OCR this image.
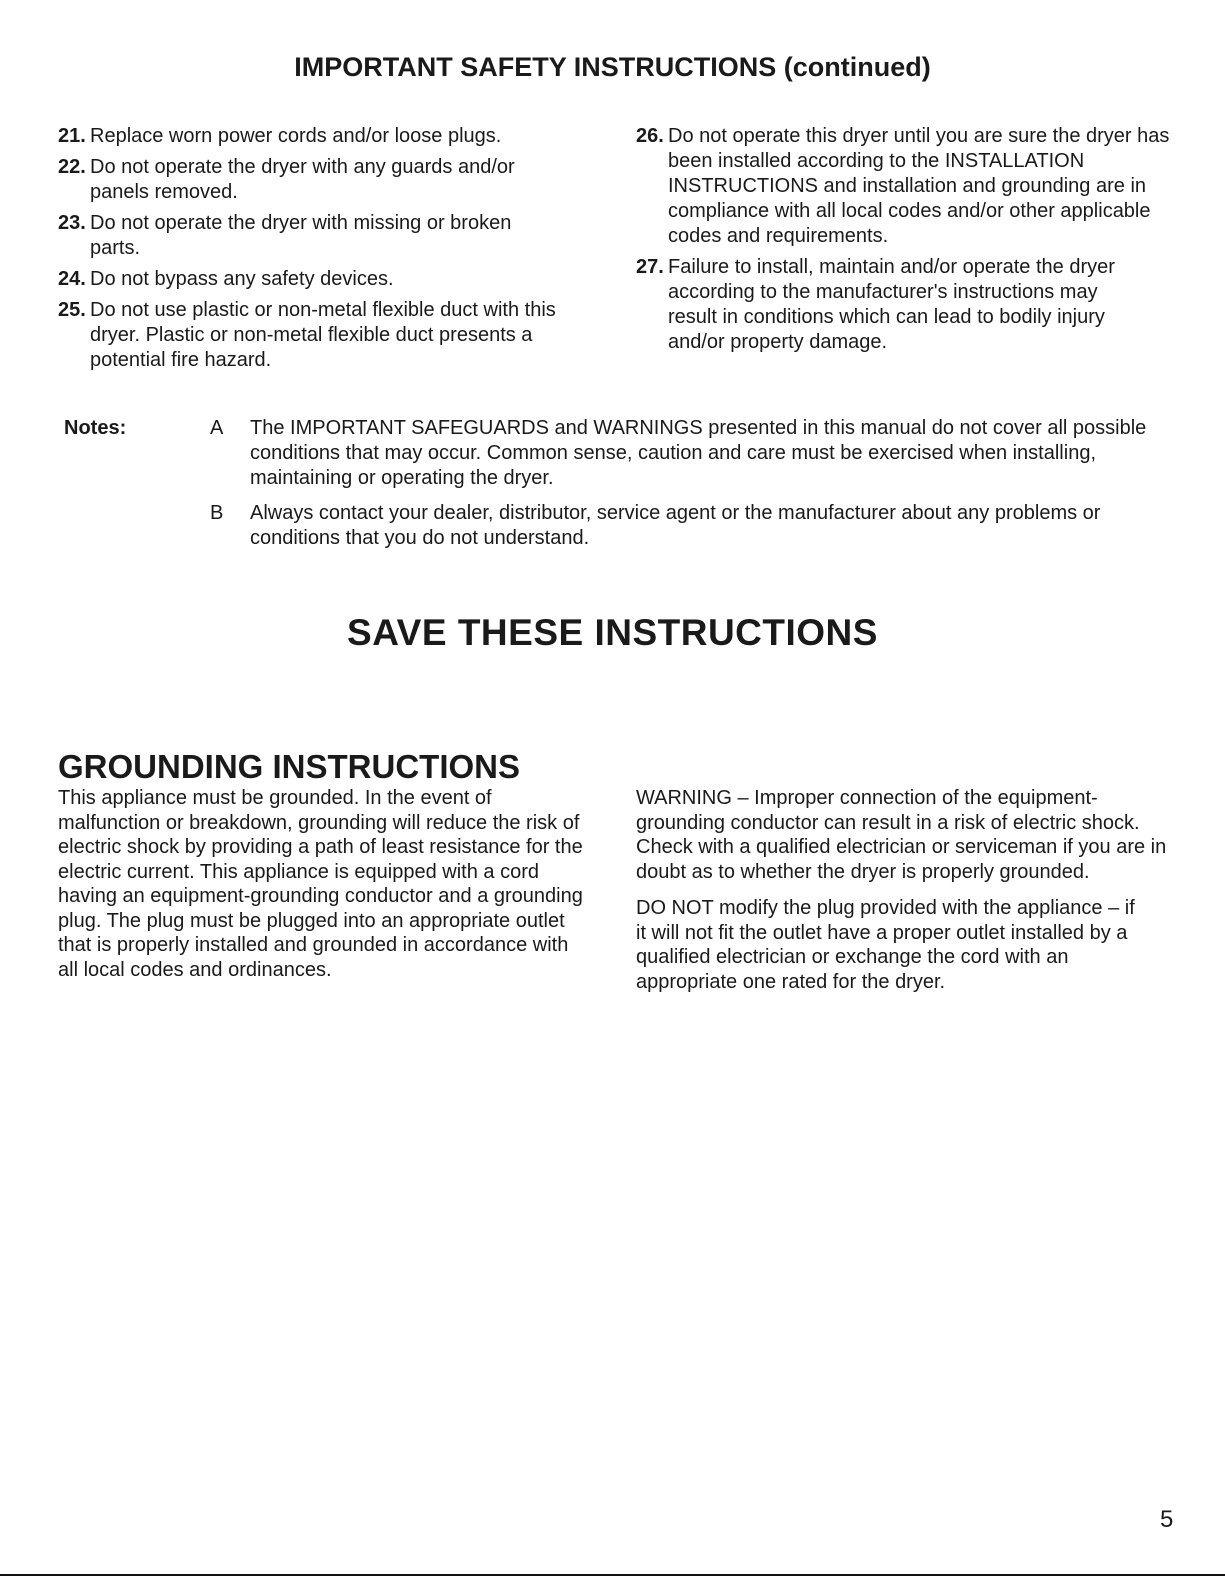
IMPORTANT SAFETY INSTRUCTIONS (continued)
21. Replace worn power cords and/or loose plugs.
22. Do not operate the dryer with any guards and/or panels removed.
23. Do not operate the dryer with missing or broken parts.
24. Do not bypass any safety devices.
25. Do not use plastic or non-metal flexible duct with this dryer. Plastic or non-metal flexible duct presents a potential fire hazard.
26. Do not operate this dryer until you are sure the dryer has been installed according to the INSTALLATION INSTRUCTIONS and installation and grounding are in compliance with all local codes and/or other applicable codes and requirements.
27. Failure to install, maintain and/or operate the dryer according to the manufacturer's instructions may result in conditions which can lead to bodily injury and/or property damage.
Notes:	A	The IMPORTANT SAFEGUARDS and WARNINGS presented in this manual do not cover all possible conditions that may occur. Common sense, caution and care must be exercised when installing, maintaining or operating the dryer.
B	Always contact your dealer, distributor, service agent or the manufacturer about any problems or conditions that you do not understand.
SAVE THESE INSTRUCTIONS
GROUNDING INSTRUCTIONS

This appliance must be grounded. In the event of malfunction or breakdown, grounding will reduce the risk of electric shock by providing a path of least resistance for the electric current. This appliance is equipped with a cord having an equipment-grounding conductor and a grounding plug. The plug must be plugged into an appropriate outlet that is properly installed and grounded in accordance with all local codes and ordinances.

WARNING – Improper connection of the equipment-grounding conductor can result in a risk of electric shock. Check with a qualified electrician or serviceman if you are in doubt as to whether the dryer is properly grounded.

DO NOT modify the plug provided with the appliance – if it will not fit the outlet have a proper outlet installed by a qualified electrician or exchange the cord with an appropriate one rated for the dryer.

5
